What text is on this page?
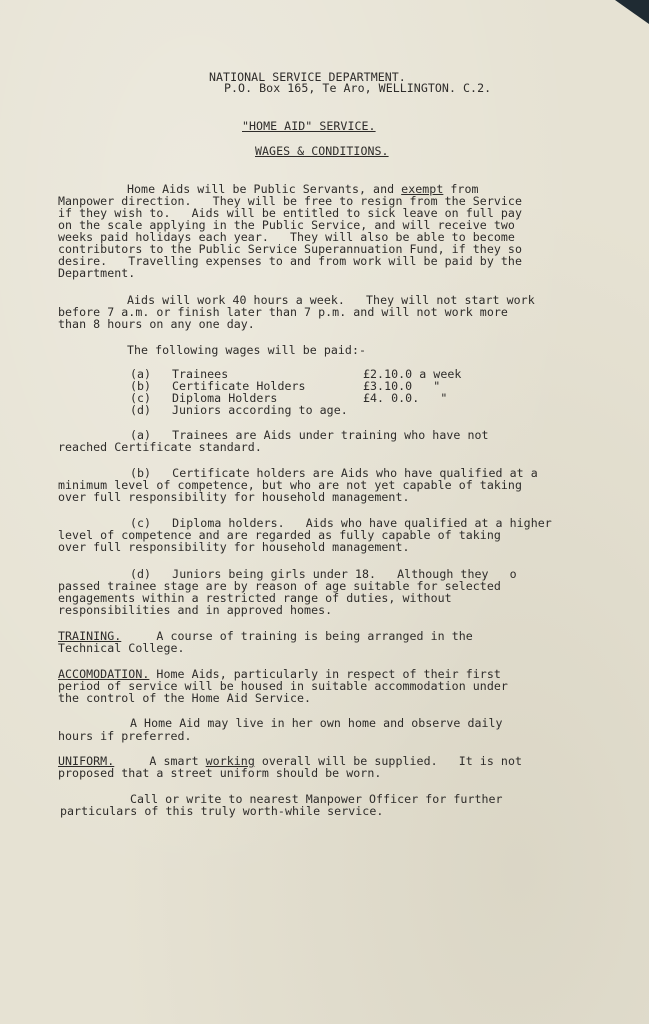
NATIONAL SERVICE DEPARTMENT.
P.O. Box 165, Te Aro, WELLINGTON. C.2.
"HOME AID" SERVICE.
WAGES & CONDITIONS.
Home Aids will be Public Servants, and exempt from
Manpower direction.   They will be free to resign from the Service
if they wish to.   Aids will be entitled to sick leave on full pay
on the scale applying in the Public Service, and will receive two
weeks paid holidays each year.   They will also be able to become
contributors to the Public Service Superannuation Fund, if they so
desire.   Travelling expenses to and from work will be paid by the
Department.
Aids will work 40 hours a week.   They will not start work
before 7 a.m. or finish later than 7 p.m. and will not work more
than 8 hours on any one day.
The following wages will be paid:-
(a) Trainees	£2.10.0 a week
(b) Certificate Holders	£3.10.0   "
(c) Diploma Holders	£4. 0.0.   "
(d) Juniors according to age.
(a)   Trainees are Aids under training who have not
reached Certificate standard.
(b)   Certificate holders are Aids who have qualified at a
minimum level of competence, but who are not yet capable of taking
over full responsibility for household management.
(c)   Diploma holders.   Aids who have qualified at a higher
level of competence and are regarded as fully capable of taking
over full responsibility for household management.
(d)   Juniors being girls under 18.   Although they   o
passed trainee stage are by reason of age suitable for selected
engagements within a restricted range of duties, without
responsibilities and in approved homes.
TRAINING.     A course of training is being arranged in the
Technical College.
ACCOMODATION. Home Aids, particularly in respect of their first
period of service will be housed in suitable accommodation under
the control of the Home Aid Service.
A Home Aid may live in her own home and observe daily
hours if preferred.
UNIFORM.     A smart working overall will be supplied.   It is not
proposed that a street uniform should be worn.
Call or write to nearest Manpower Officer for further
particulars of this truly worth-while service.
